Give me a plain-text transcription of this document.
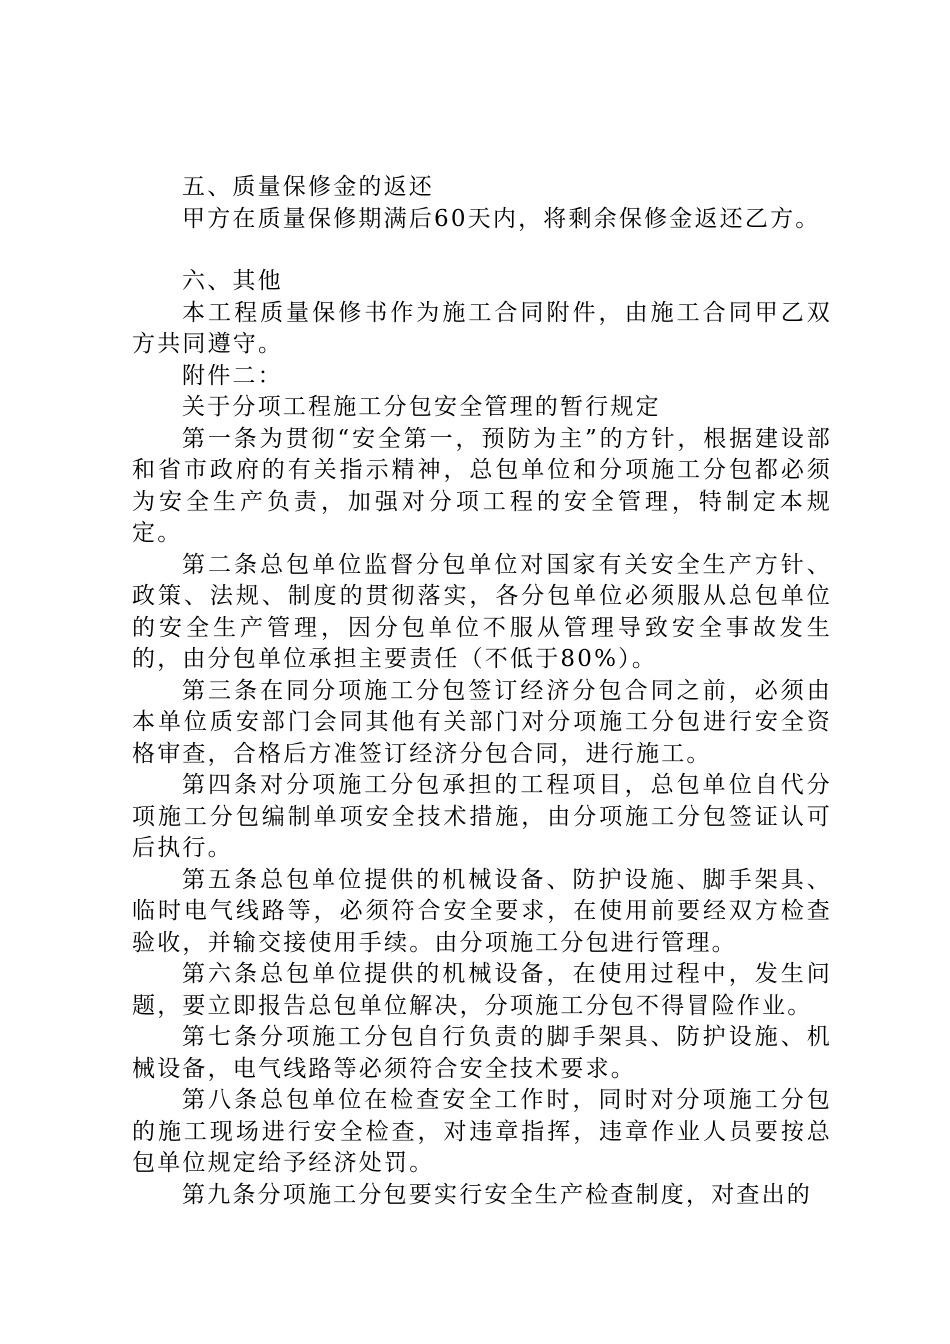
五、质量保修金的返还

甲方在质量保修期满后60天内，将剩余保修金返还乙方。

六、其他

本工程质量保修书作为施工合同附件，由施工合同甲乙双方共同遵守。

附件二：

关于分项工程施工分包安全管理的暂行规定

第一条为贯彻“安全第一，预防为主”的方针，根据建设部和省市政府的有关指示精神，总包单位和分项施工分包都必须为安全生产负责，加强对分项工程的安全管理，特制定本规定。

第二条总包单位监督分包单位对国家有关安全生产方针、政策、法规、制度的贯彻落实，各分包单位必须服从总包单位的安全生产管理，因分包单位不服从管理导致安全事故发生的，由分包单位承担主要责任（不低于80%）。

第三条在同分项施工分包签订经济分包合同之前，必须由本单位质安部门会同其他有关部门对分项施工分包进行安全资格审查，合格后方准签订经济分包合同，进行施工。

第四条对分项施工分包承担的工程项目，总包单位自代分项施工分包编制单项安全技术措施，由分项施工分包签证认可后执行。

第五条总包单位提供的机械设备、防护设施、脚手架具、临时电气线路等，必须符合安全要求，在使用前要经双方检查验收，并输交接使用手续。由分项施工分包进行管理。

第六条总包单位提供的机械设备，在使用过程中，发生问题，要立即报告总包单位解决，分项施工分包不得冒险作业。

第七条分项施工分包自行负责的脚手架具、防护设施、机械设备，电气线路等必须符合安全技术要求。

第八条总包单位在检查安全工作时，同时对分项施工分包的施工现场进行安全检查，对违章指挥，违章作业人员要按总包单位规定给予经济处罚。

第九条分项施工分包要实行安全生产检查制度，对查出的
